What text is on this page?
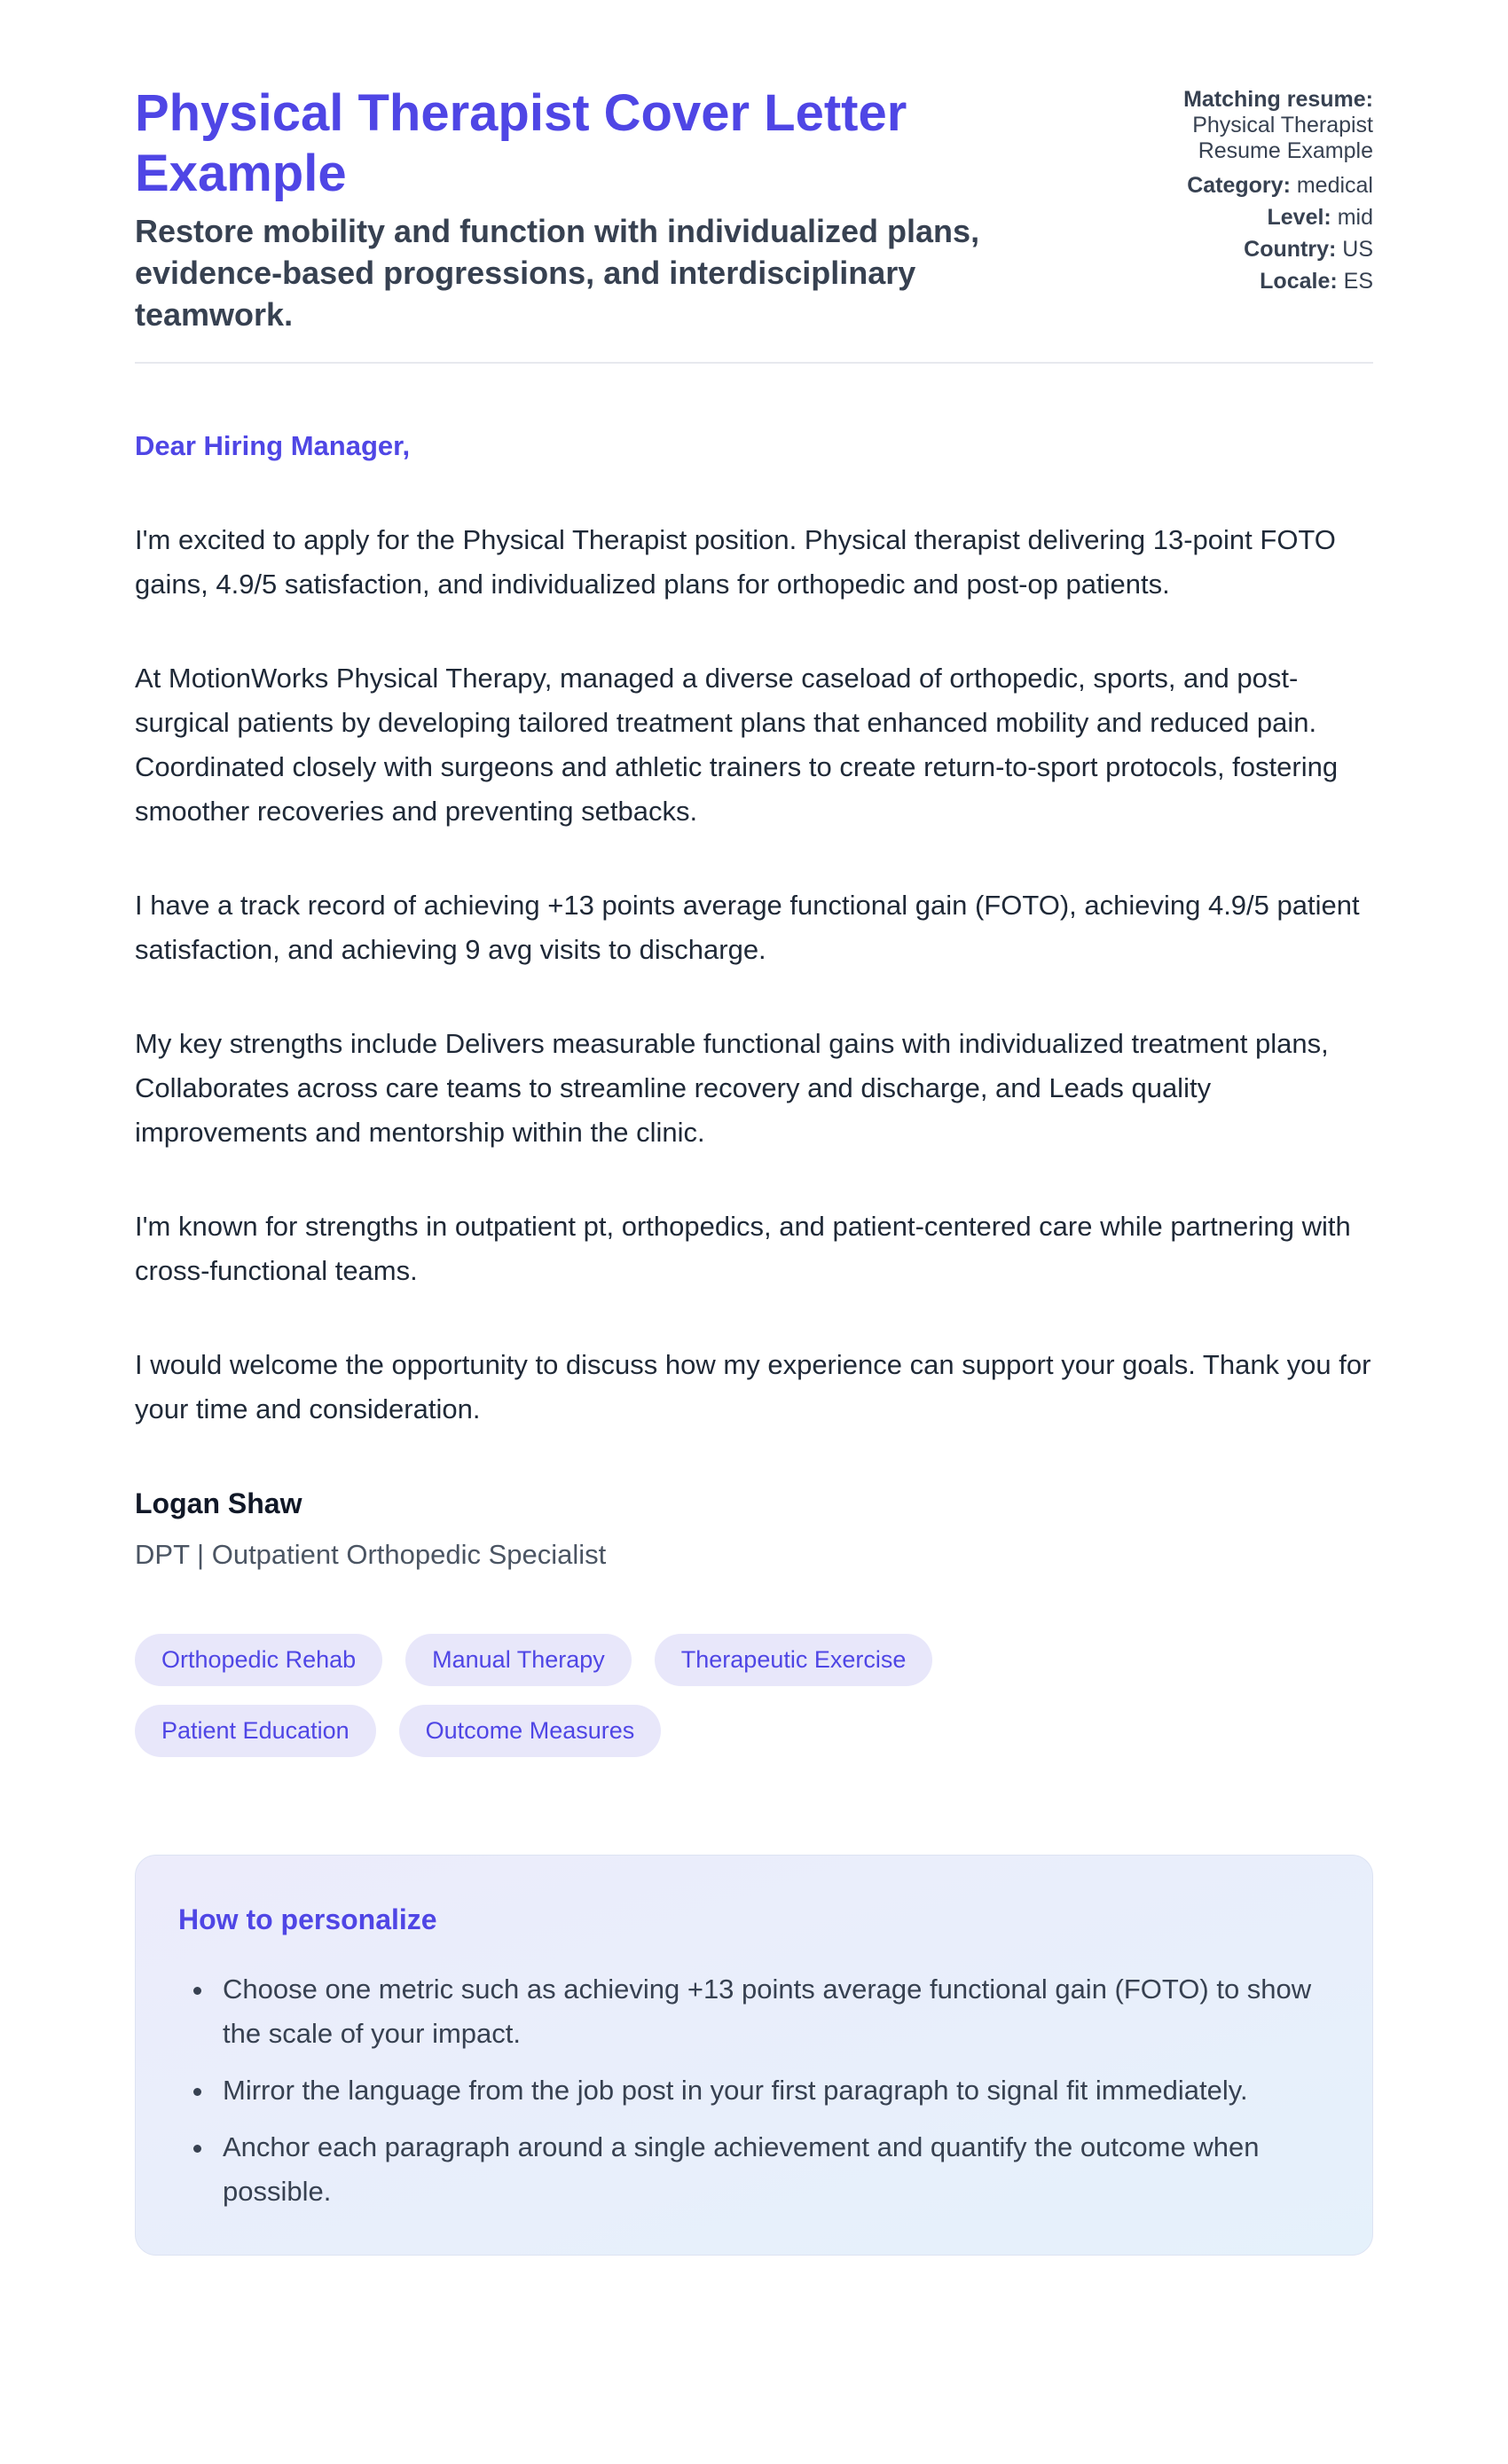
Physical Therapist Cover Letter Example

Restore mobility and function with individualized plans, evidence-based progressions, and interdisciplinary teamwork.

Matching resume: Physical Therapist Resume Example
Category: medical
Level: mid
Country: US
Locale: ES

Dear Hiring Manager,

I'm excited to apply for the Physical Therapist position. Physical therapist delivering 13-point FOTO gains, 4.9/5 satisfaction, and individualized plans for orthopedic and post-op patients.

At MotionWorks Physical Therapy, managed a diverse caseload of orthopedic, sports, and post-surgical patients by developing tailored treatment plans that enhanced mobility and reduced pain. Coordinated closely with surgeons and athletic trainers to create return-to-sport protocols, fostering smoother recoveries and preventing setbacks.

I have a track record of achieving +13 points average functional gain (FOTO), achieving 4.9/5 patient satisfaction, and achieving 9 avg visits to discharge.

My key strengths include Delivers measurable functional gains with individualized treatment plans, Collaborates across care teams to streamline recovery and discharge, and Leads quality improvements and mentorship within the clinic.

I'm known for strengths in outpatient pt, orthopedics, and patient-centered care while partnering with cross-functional teams.

I would welcome the opportunity to discuss how my experience can support your goals. Thank you for your time and consideration.

Logan Shaw

DPT | Outpatient Orthopedic Specialist

Orthopedic Rehab	Manual Therapy	Therapeutic Exercise
Patient Education	Outcome Measures
How to personalize
• Choose one metric such as achieving +13 points average functional gain (FOTO) to show the scale of your impact.
• Mirror the language from the job post in your first paragraph to signal fit immediately.
• Anchor each paragraph around a single achievement and quantify the outcome when possible.
